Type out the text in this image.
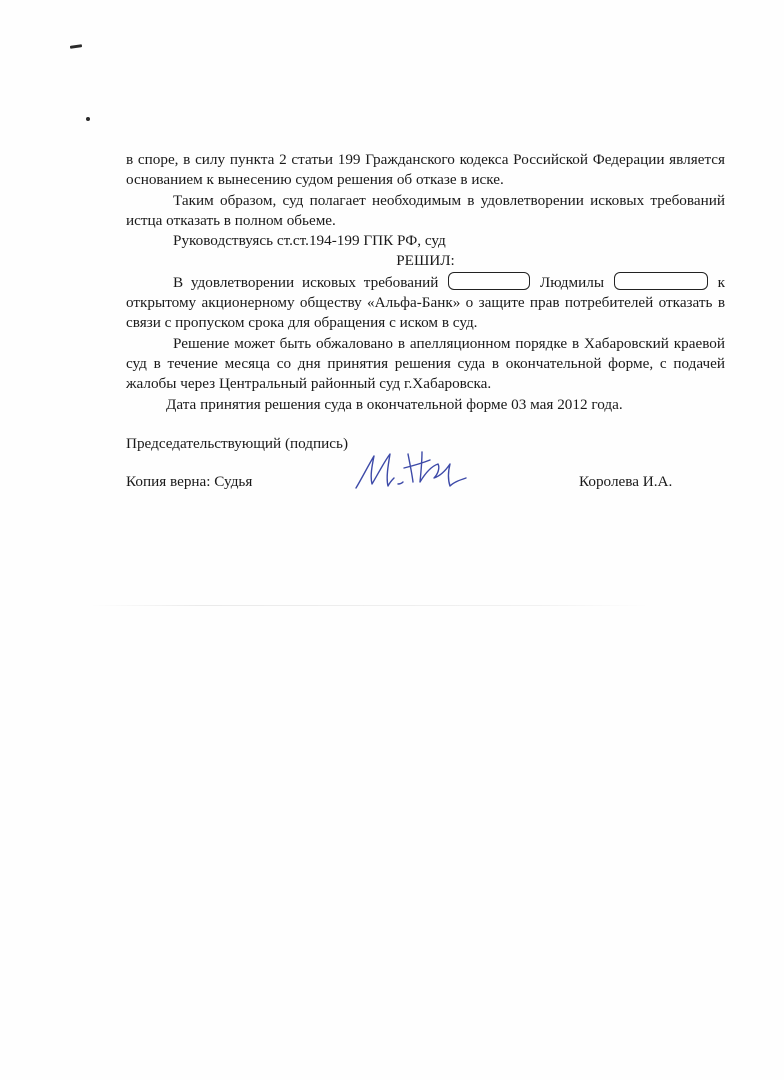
в споре, в силу пункта 2 статьи 199 Гражданского кодекса Российской Федерации является основанием к вынесению судом решения об отказе в иске.

Таким образом, суд полагает необходимым в удовлетворении исковых требований истца отказать в полном обьеме.

Руководствуясь ст.ст.194-199 ГПК РФ, суд

РЕШИЛ:

В удовлетворении исковых требований	Людмилы	к открытому акционерному обществу «Альфа-Банк» о защите прав потребителей отказать в связи с пропуском срока для обращения с иском в суд.

Решение может быть обжаловано в апелляционном порядке в Хабаровский краевой суд в течение месяца со дня принятия решения суда в окончательной форме, с подачей жалобы через Центральный районный суд г.Хабаровска.

Дата принятия решения суда в окончательной форме 03 мая 2012 года.

Председательствующий (подпись)
Копия верна: Судья	Королева И.А.
